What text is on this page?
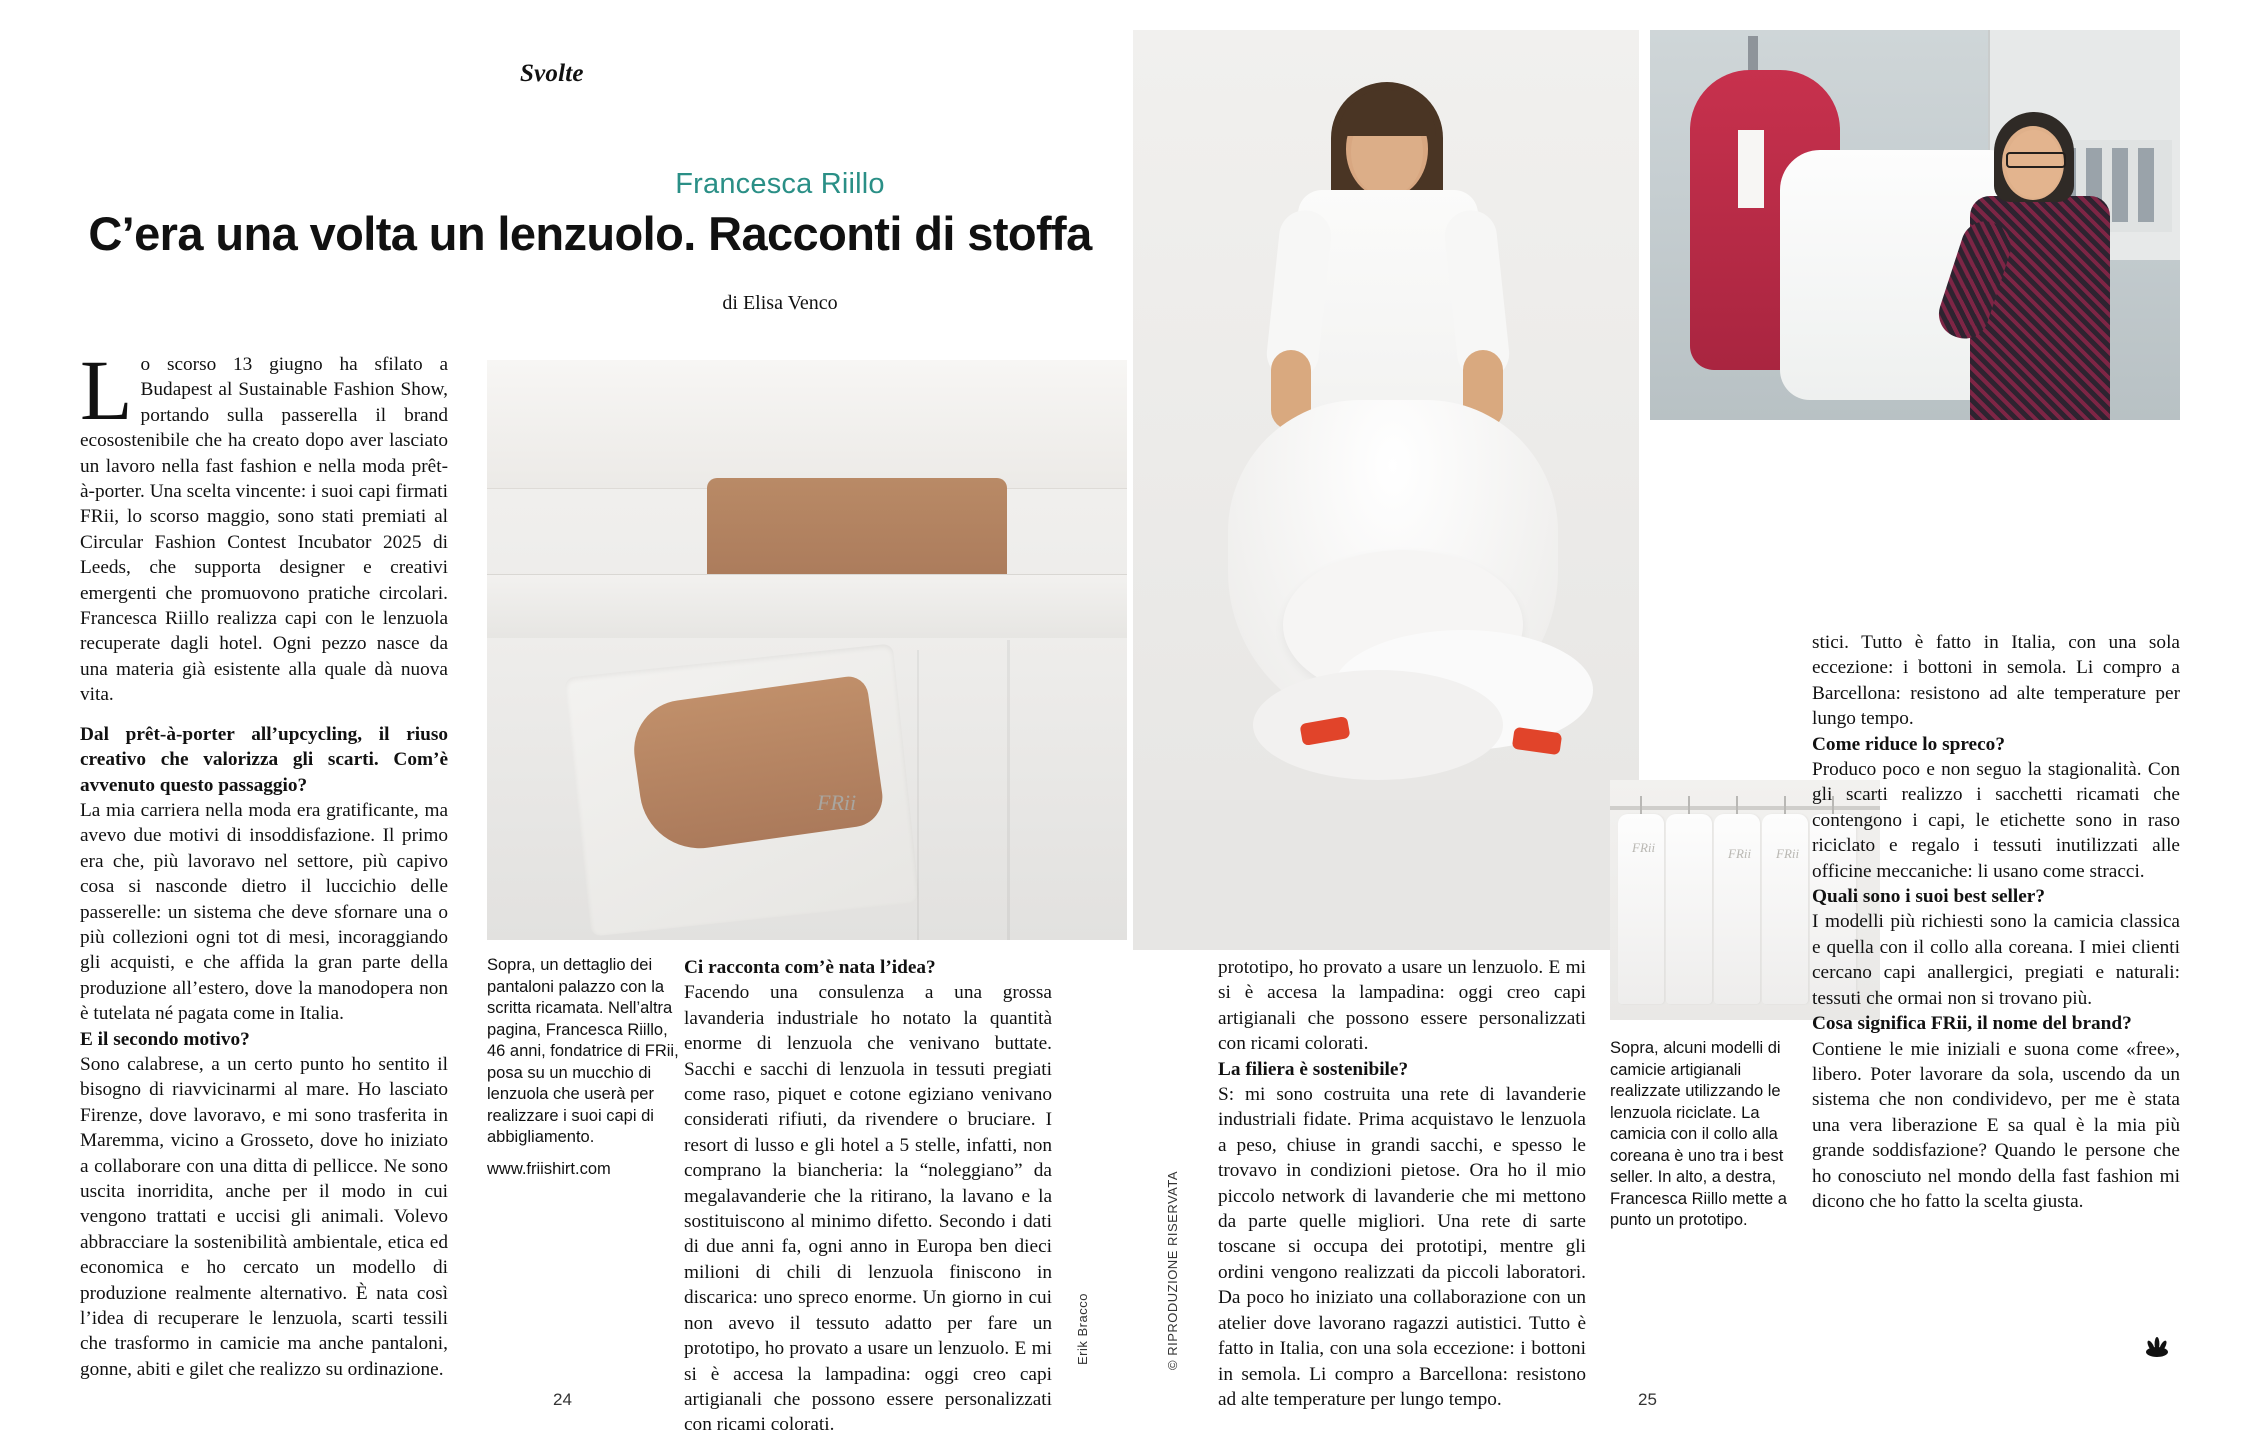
Svolte
Francesca Riillo
C’era una volta un lenzuolo. Racconti di stoffa
di Elisa Venco
FRii
FRii	FRii FRii

Lo scorso 13 giugno ha sfilato a Budapest al Sustainable Fashion Show, portando sulla passerella il brand ecosostenibile che ha creato dopo aver lasciato un lavoro nella fast fashion e nella moda prêt-à-porter. Una scelta vincente: i suoi capi firmati FRii, lo scorso maggio, sono stati premiati al Circular Fashion Contest Incubator 2025 di Leeds, che supporta designer e creativi emergenti che promuovono pratiche circolari. Francesca Riillo realizza capi con le lenzuola recuperate dagli hotel. Ogni pezzo nasce da una materia già esistente alla quale dà nuova vita.

Dal prêt-à-porter all’upcycling, il riuso creativo che valorizza gli scarti. Com’è avvenuto questo passaggio?

La mia carriera nella moda era gratificante, ma avevo due motivi di insoddisfazione. Il primo era che, più lavoravo nel settore, più capivo cosa si nasconde dietro il luccichio delle passerelle: un sistema che deve sfornare una o più collezioni ogni tot di mesi, incoraggiando gli acquisti, e che affida la gran parte della produzione all’estero, dove la manodopera non è tutelata né pagata come in Italia.

E il secondo motivo?

Sono calabrese, a un certo punto ho sentito il bisogno di riavvicinarmi al mare. Ho lasciato Firenze, dove lavoravo, e mi sono trasferita in Maremma, vicino a Grosseto, dove ho iniziato a collaborare con una ditta di pellicce. Ne sono uscita inorridita, anche per il modo in cui vengono trattati e uccisi gli animali. Volevo abbracciare la sostenibilità ambientale, etica ed economica e ho cercato un modello di produzione realmente alternativo. È nata così l’idea di recuperare le lenzuola, scarti tessili che trasformo in camicie ma anche pantaloni, gonne, abiti e gilet che realizzo su ordinazione.

Sopra, un dettaglio dei pantaloni palazzo con la scritta ricamata. Nell’altra pagina, Francesca Riillo, 46 anni, fondatrice di FRii, posa su un mucchio di lenzuola che userà per realizzare i suoi capi di abbigliamento.
www.friishirt.com

Ci racconta com’è nata l’idea?

Facendo una consulenza a una grossa lavanderia industriale ho notato la quantità enorme di lenzuola che venivano buttate. Sacchi e sacchi di lenzuola in tessuti pregiati come raso, piquet e cotone egiziano venivano considerati rifiuti, da rivendere o bruciare. I resort di lusso e gli hotel a 5 stelle, infatti, non comprano la biancheria: la “noleggiano” da megalavanderie che la ritirano, la lavano e la sostituiscono al minimo difetto. Secondo i dati di due anni fa, ogni anno in Europa ben dieci milioni di chili di lenzuola finiscono in discarica: uno spreco enorme. Un giorno in cui non avevo il tessuto adatto per fare un prototipo, ho provato a usare un lenzuolo. E mi si è accesa la lampadina: oggi creo capi artigianali che possono essere personalizzati con ricami colorati.

prototipo, ho provato a usare un lenzuolo. E mi si è accesa la lampadina: oggi creo capi artigianali che possono essere personalizzati con ricami colorati.

La filiera è sostenibile?

S: mi sono costruita una rete di lavanderie industriali fidate. Prima acquistavo le lenzuola a peso, chiuse in grandi sacchi, e spesso le trovavo in condizioni pietose. Ora ho il mio piccolo network di lavanderie che mi mettono da parte quelle migliori. Una rete di sarte toscane si occupa dei prototipi, mentre gli ordini vengono realizzati da piccoli laboratori. Da poco ho iniziato una collaborazione con un atelier dove lavorano ragazzi autistici. Tutto è fatto in Italia, con una sola eccezione: i bottoni in semola. Li compro a Barcellona: resistono ad alte temperature per lungo tempo.

Sopra, alcuni modelli di camicie artigianali realizzate utilizzando le lenzuola riciclate. La camicia con il collo alla coreana è uno tra i best seller. In alto, a destra, Francesca Riillo mette a punto un prototipo.

stici. Tutto è fatto in Italia, con una sola eccezione: i bottoni in semola. Li compro a Barcellona: resistono ad alte temperature per lungo tempo.

Come riduce lo spreco?

Produco poco e non seguo la stagionalità. Con gli scarti realizzo i sacchetti ricamati che contengono i capi, le etichette sono in raso riciclato e regalo i tessuti inutilizzati alle officine meccaniche: li usano come stracci.

Quali sono i suoi best seller?

I modelli più richiesti sono la camicia classica e quella con il collo alla coreana. I miei clienti cercano capi anallergici, pregiati e naturali: tessuti che ormai non si trovano più.

Cosa significa FRii, il nome del brand?

Contiene le mie iniziali e suona come «free», libero. Poter lavorare da sola, uscendo da un sistema che non condividevo, per me è stata una vera liberazione E sa qual è la mia più grande soddisfazione? Quando le persone che ho conosciuto nel mondo della fast fashion mi dicono che ho fatto la scelta giusta.

Erik Bracco	© RIPRODUZIONE RISERVATA
24	25
